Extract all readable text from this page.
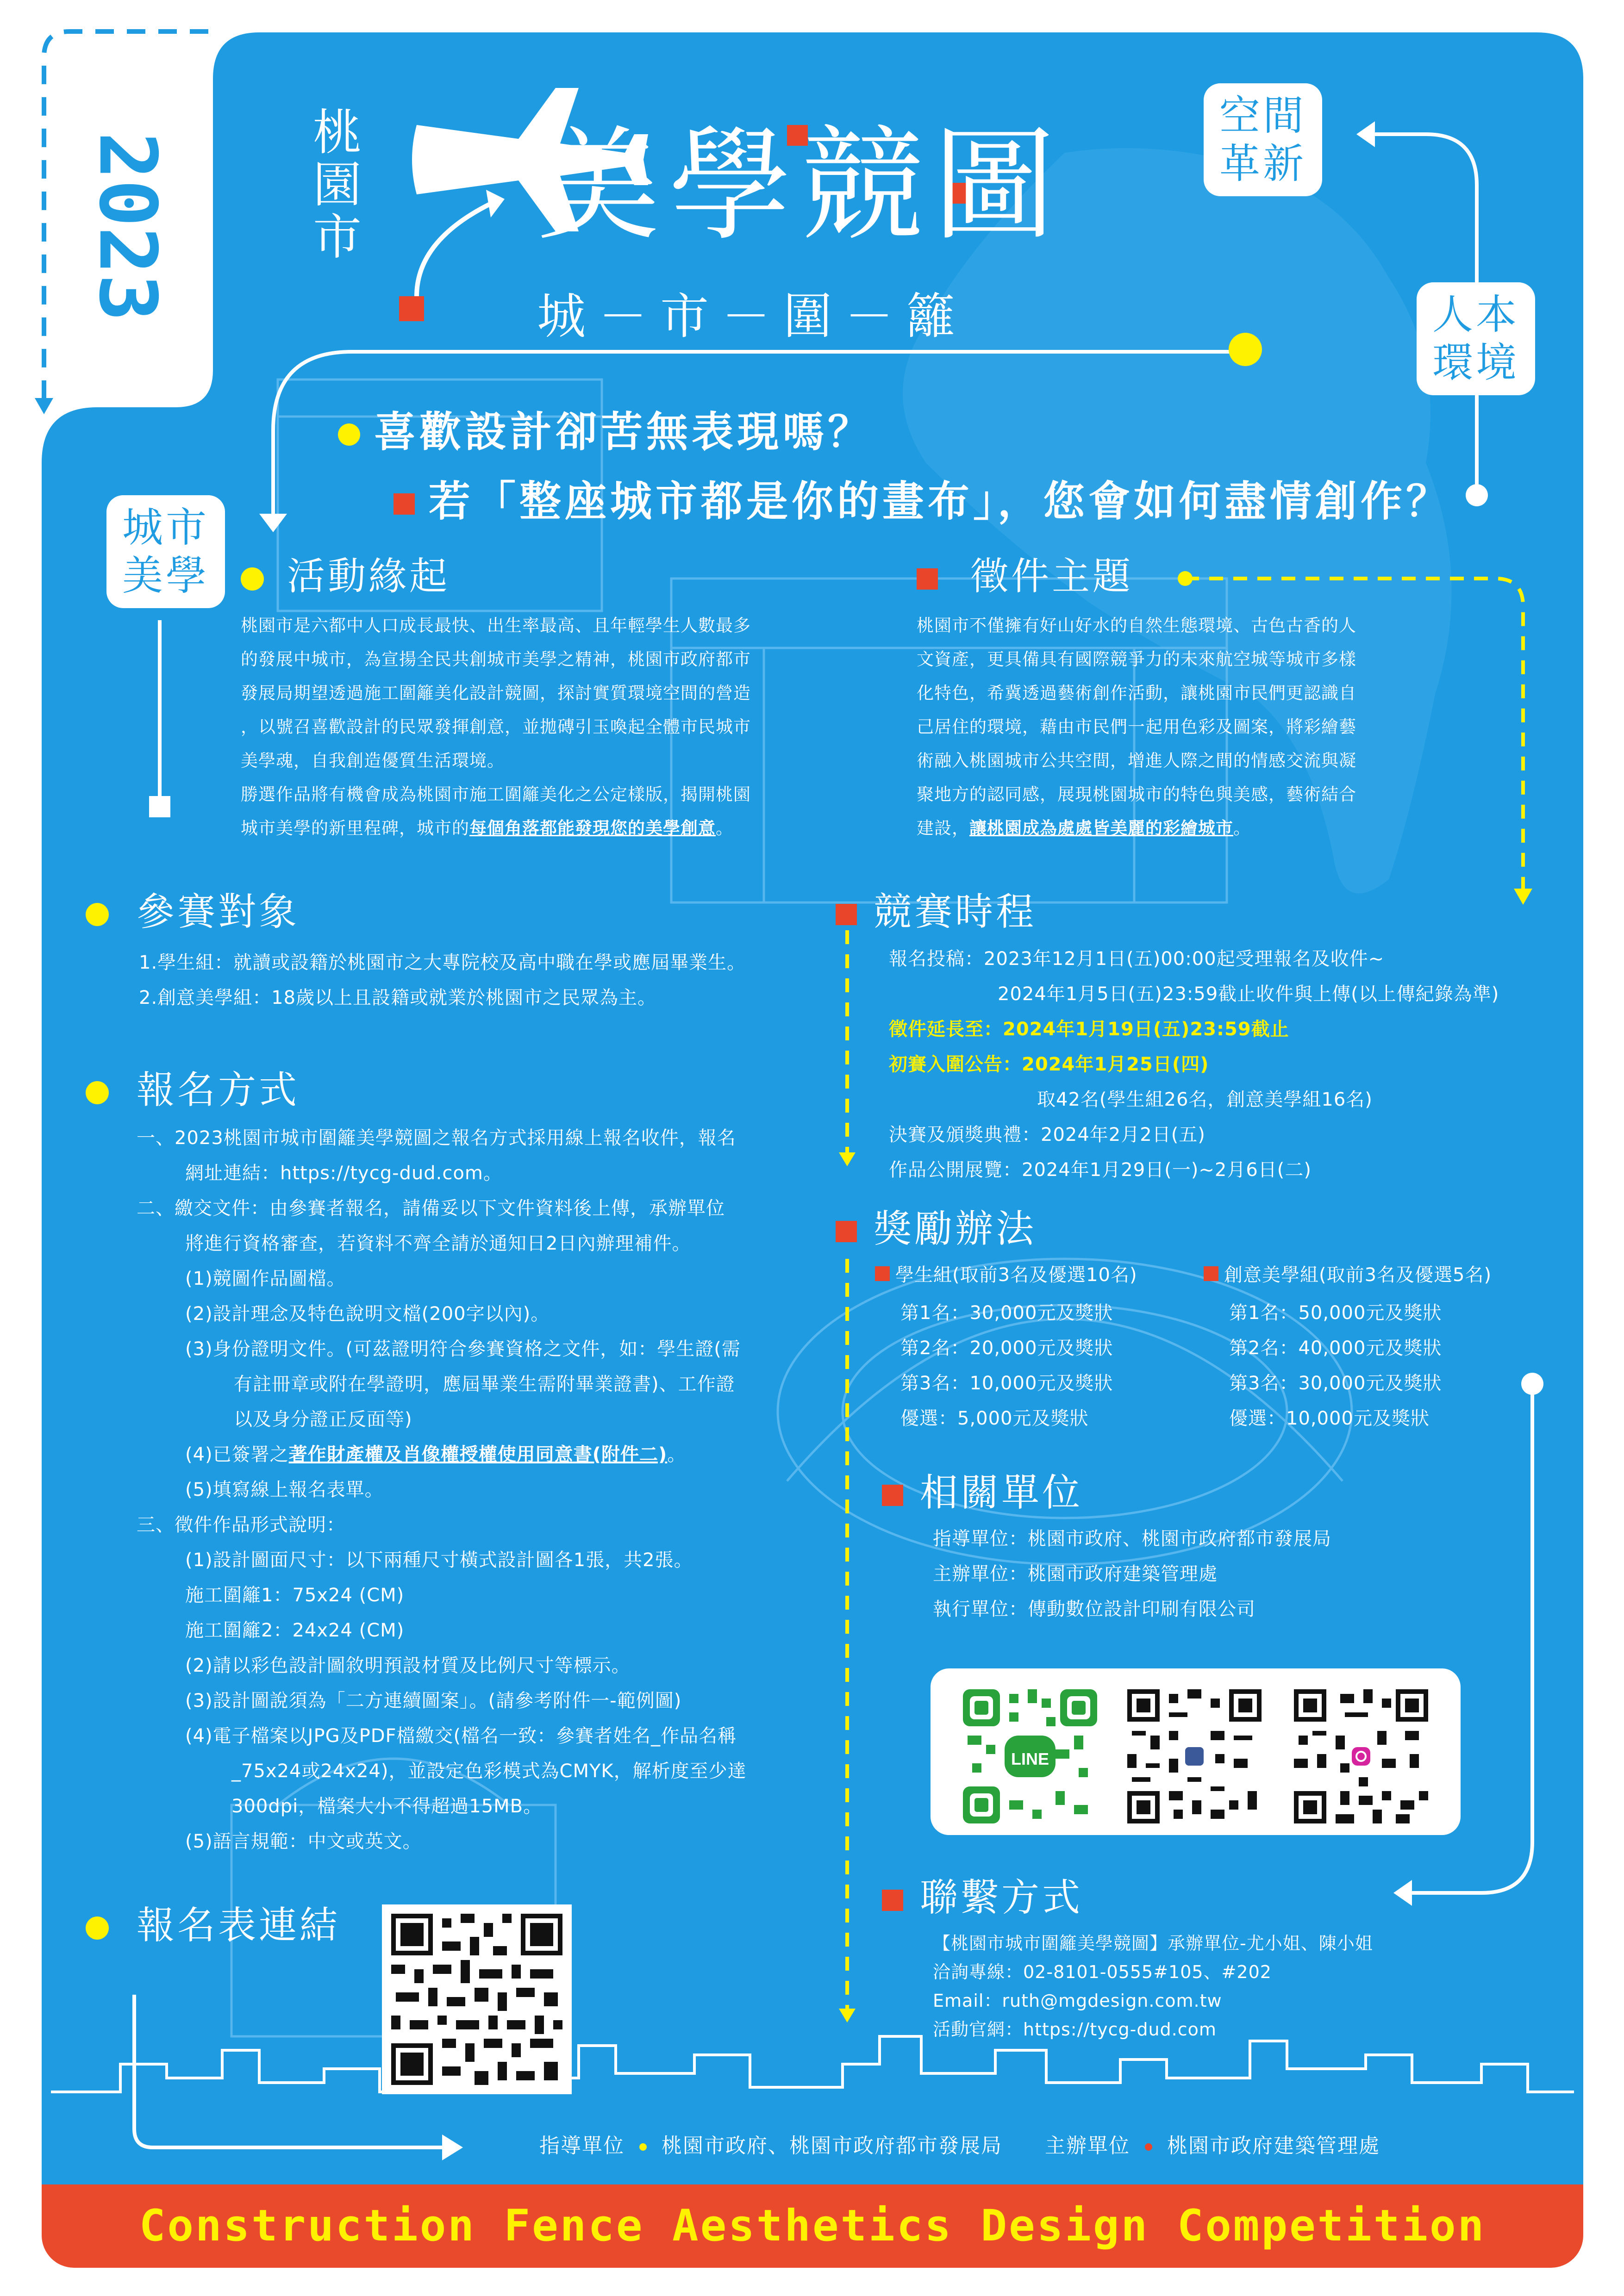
2023	桃園市 美學競圖
城－市－圍－籬
空間革新
人本環境
城市美學
喜歡設計卻苦無表現嗎？
若「整座城市都是你的畫布」，您會如何盡情創作？
活動緣起
桃園市是六都中人口成長最快、出生率最高、且年輕學生人數最多
的發展中城市，為宣揚全民共創城市美學之精神，桃園市政府都市
發展局期望透過施工圍籬美化設計競圖，探討實質環境空間的營造
，以號召喜歡設計的民眾發揮創意，並拋磚引玉喚起全體市民城市
美學魂，自我創造優質生活環境。
勝選作品將有機會成為桃園市施工圍籬美化之公定樣版，揭開桃園
城市美學的新里程碑，城市的每個角落都能發現您的美學創意。
徵件主題
桃園市不僅擁有好山好水的自然生態環境、古色古香的人
文資產，更具備具有國際競爭力的未來航空城等城市多樣
化特色，希冀透過藝術創作活動，讓桃園市民們更認識自
己居住的環境，藉由市民們一起用色彩及圖案，將彩繪藝
術融入桃園城市公共空間，增進人際之間的情感交流與凝
聚地方的認同感，展現桃園城市的特色與美感，藝術結合
建設，讓桃園成為處處皆美麗的彩繪城市。
參賽對象
1.學生組：就讀或設籍於桃園市之大專院校及高中職在學或應屆畢業生。
2.創意美學組：18歲以上且設籍或就業於桃園市之民眾為主。
報名方式
一、2023桃園市城市圍籬美學競圖之報名方式採用線上報名收件，報名
網址連結：https://tycg-dud.com。
二、繳交文件：由參賽者報名，請備妥以下文件資料後上傳，承辦單位
將進行資格審查，若資料不齊全請於通知日2日內辦理補件。
(1)競圖作品圖檔。
(2)設計理念及特色說明文檔(200字以內)。
(3)身份證明文件。(可茲證明符合參賽資格之文件，如：學生證(需
有註冊章或附在學證明，應屆畢業生需附畢業證書)、工作證
以及身分證正反面等)
(4)已簽署之著作財產權及肖像權授權使用同意書(附件二)。
(5)填寫線上報名表單。
三、徵件作品形式說明：
(1)設計圖面尺寸：以下兩種尺寸橫式設計圖各1張，共2張。
施工圍籬1：75x24 (CM)
施工圍籬2：24x24 (CM)
(2)請以彩色設計圖敘明預設材質及比例尺寸等標示。
(3)設計圖說須為「二方連續圖案」。(請參考附件一-範例圖)
(4)電子檔案以JPG及PDF檔繳交(檔名一致：參賽者姓名_作品名稱
_75x24或24x24)，並設定色彩模式為CMYK，解析度至少達
300dpi，檔案大小不得超過15MB。
(5)語言規範：中文或英文。
報名表連結
競賽時程
報名投稿：2023年12月1日(五)00:00起受理報名及收件~
2024年1月5日(五)23:59截止收件與上傳(以上傳紀錄為準)
徵件延長至：2024年1月19日(五)23:59截止
初賽入圍公告：2024年1月25日(四)
取42名(學生組26名，創意美學組16名)
決賽及頒獎典禮：2024年2月2日(五)
作品公開展覽：2024年1月29日(一)~2月6日(二)
獎勵辦法
學生組(取前3名及優選10名)
第1名：30,000元及獎狀
第2名：20,000元及獎狀
第3名：10,000元及獎狀
優選：5,000元及獎狀
創意美學組(取前3名及優選5名)
第1名：50,000元及獎狀
第2名：40,000元及獎狀
第3名：30,000元及獎狀
優選：10,000元及獎狀
相關單位
指導單位：桃園市政府、桃園市政府都市發展局
主辦單位：桃園市政府建築管理處
執行單位：傳動數位設計印刷有限公司
LINE
聯繫方式
【桃園市城市圍籬美學競圖】承辦單位-尤小姐、陳小姐
洽詢專線：02-8101-0555#105、#202
Email：ruth@mgdesign.com.tw
活動官網：https://tycg-dud.com
指導單位 桃園市政府、桃園市政府都市發展局 主辦單位 桃園市政府建築管理處
Construction Fence Aesthetics Design Competition
